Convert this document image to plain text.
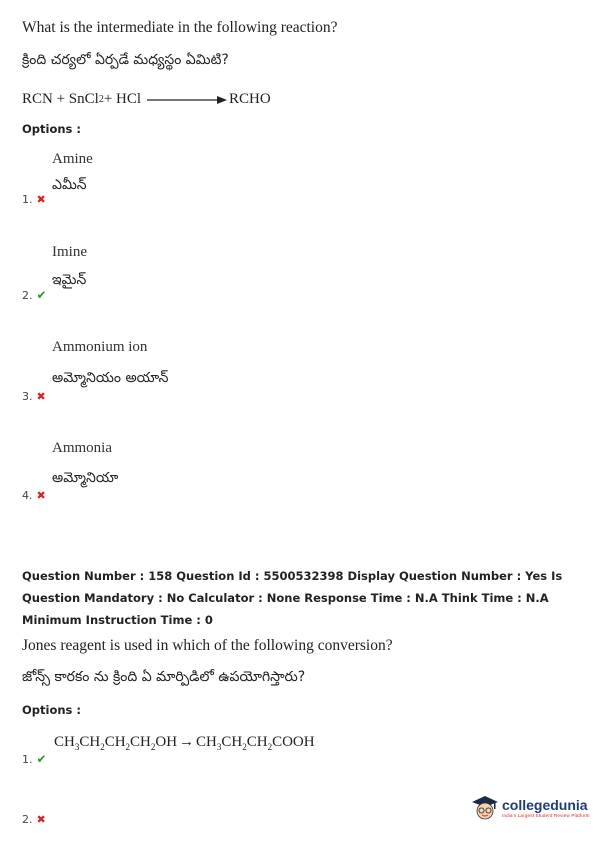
What is the intermediate in the following reaction?
క్రింది చర్యలో ఏర్పడే మధ్యస్థం ఏమిటి?
RCN + SnCl 2 + HCl	RCHO
Options :
Amine
ఎమీన్
1. ✖
Imine
ఇమైన్
2. ✔
Ammonium ion
అమ్మోనియం అయాన్
3. ✖
Ammonia
అమ్మోనియా
4. ✖
Question Number : 158 Question Id : 5500532398 Display Question Number : Yes Is Question Mandatory : No Calculator : None Response Time : N.A Think Time : N.A Minimum Instruction Time : 0
Jones reagent is used in which of the following conversion?
జోన్స్ కారకం ను క్రింది ఏ మార్పిడిలో ఉపయోగిస్తారు?
Options :
$CH_3CH_2CH_2CH_2OH$ → $CH_3CH_2CH_2COOH$
1. ✔
2. ✖
collegedunia
India's Largest Student Review Platform
